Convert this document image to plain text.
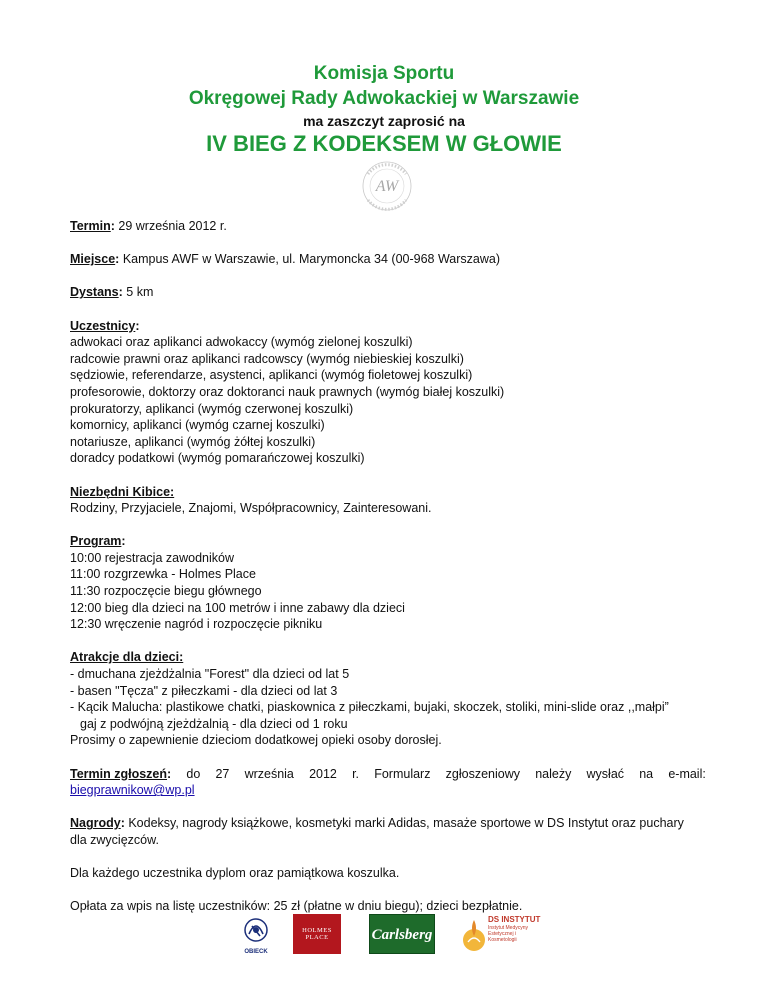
Komisja Sportu
Okręgowej Rady Adwokackiej w Warszawie
ma zaszczyt zaprosić na
IV BIEG Z KODEKSEM W GŁOWIE
AW
Termin: 29 września 2012 r.
Miejsce: Kampus AWF w Warszawie, ul. Marymoncka 34 (00-968 Warszawa)
Dystans: 5 km
Uczestnicy:
adwokaci oraz aplikanci adwokaccy (wymóg zielonej koszulki)
radcowie prawni oraz aplikanci radcowscy (wymóg niebieskiej koszulki)
sędziowie, referendarze, asystenci, aplikanci (wymóg fioletowej koszulki)
profesorowie, doktorzy oraz doktoranci nauk prawnych (wymóg białej koszulki)
prokuratorzy, aplikanci (wymóg czerwonej koszulki)
komornicy, aplikanci (wymóg czarnej koszulki)
notariusze, aplikanci (wymóg żółtej koszulki)
doradcy podatkowi (wymóg pomarańczowej koszulki)
Niezbędni Kibice:
Rodziny, Przyjaciele, Znajomi, Współpracownicy, Zainteresowani.
Program:
10:00 rejestracja zawodników
11:00 rozgrzewka - Holmes Place
11:30 rozpoczęcie biegu głównego
12:00 bieg dla dzieci na 100 metrów i inne zabawy dla dzieci
12:30 wręczenie nagród i rozpoczęcie pikniku
Atrakcje dla dzieci:
- dmuchana zjeżdżalnia "Forest" dla dzieci od lat 5
- basen "Tęcza" z piłeczkami - dla dzieci od lat 3
- Kącik Malucha: plastikowe chatki, piaskownica z piłeczkami, bujaki, skoczek, stoliki, mini-slide oraz ,,małpi”
gaj z podwójną zjeżdżalnią - dla dzieci od 1 roku
Prosimy o zapewnienie dzieciom dodatkowej opieki osoby dorosłej.
Termin zgłoszeń: do 27 września 2012 r. Formularz zgłoszeniowy należy wysłać na e-mail:
biegprawnikow@wp.pl
Nagrody: Kodeksy, nagrody książkowe, kosmetyki marki Adidas, masaże sportowe w DS Instytut oraz puchary
dla zwycięzców.
Dla każdego uczestnika dyplom oraz pamiątkowa koszulka.
Opłata za wpis na listę uczestników: 25 zł (płatne w dniu biegu); dzieci bezpłatnie.
OBIECK
HOLMES
PLACE	Carlsberg
DS INSTYTUT
Instytut Medycyny Estetycznej i Kosmetologii
